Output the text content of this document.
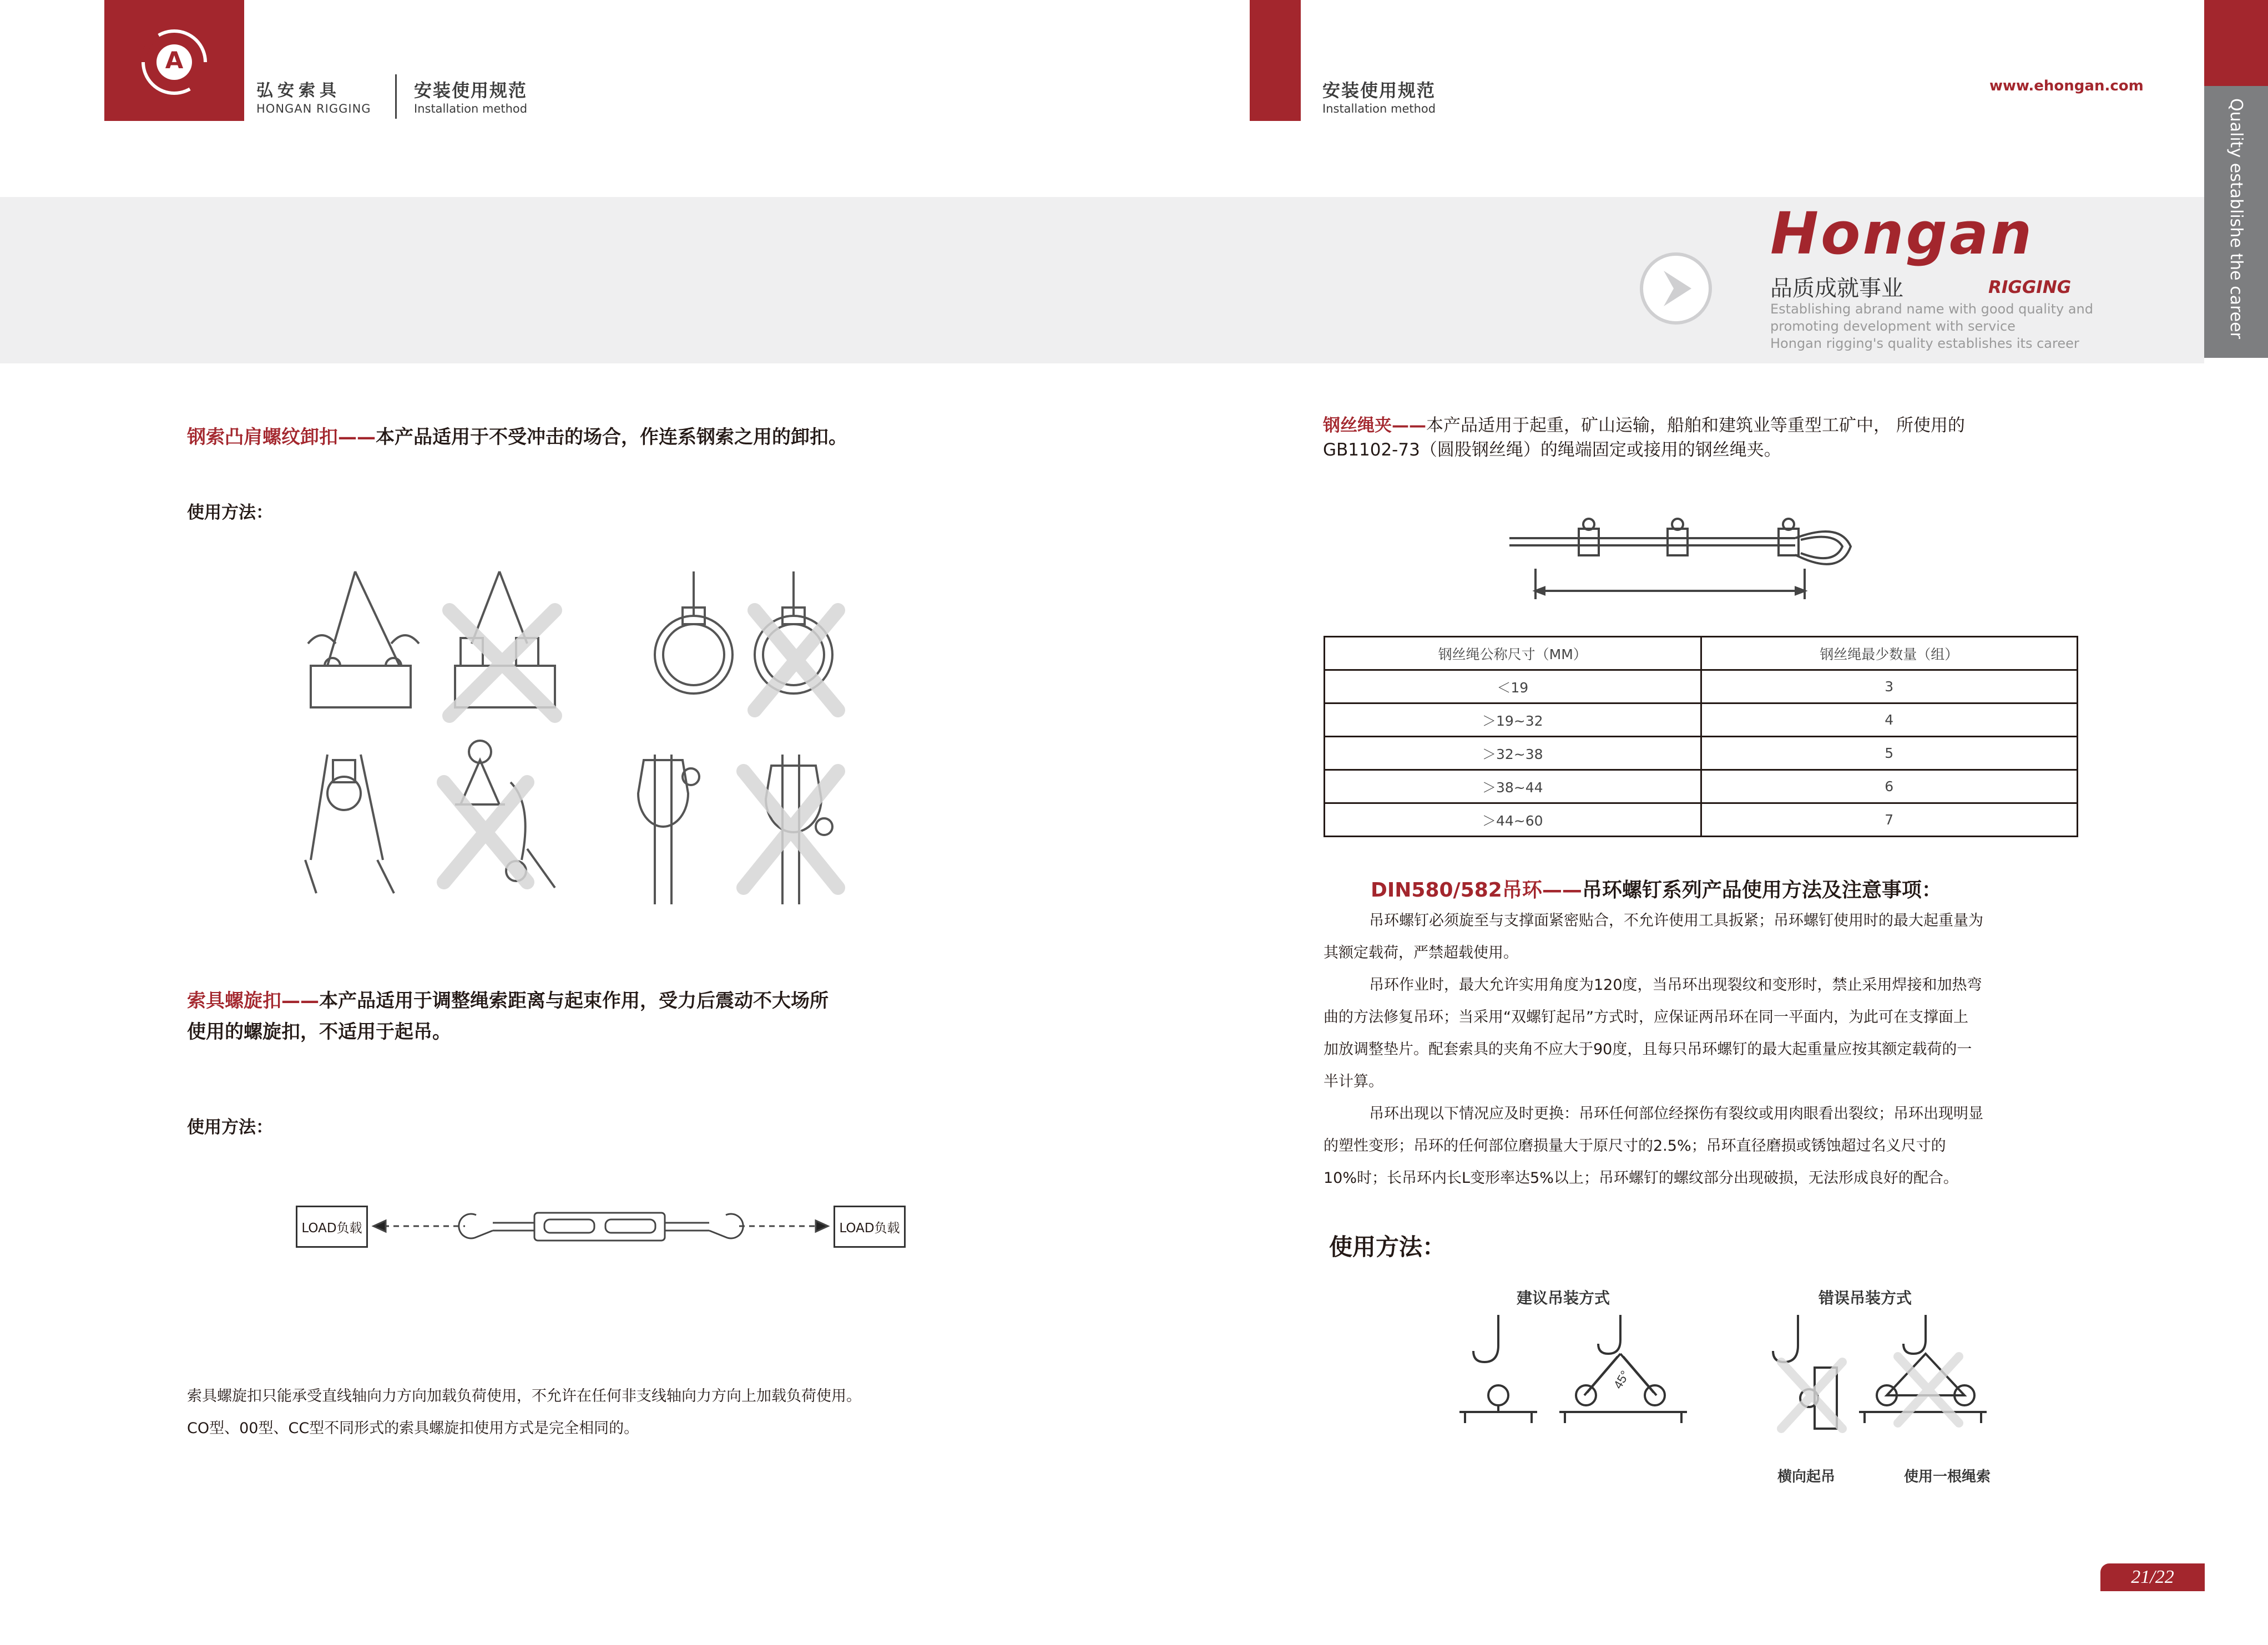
A
弘安索具
HONGAN RIGGING
安装使用规范
Installation method
安装使用规范
Installation method
www.ehongan.com
Quality establishe the career
Hongan
品质成就事业	RIGGING
Establishing abrand name with good quality and
promoting development with service
Hongan rigging's quality establishes its career
钢索凸肩螺纹卸扣——本产品适用于不受冲击的场合，作连系钢索之用的卸扣。
使用方法：
索具螺旋扣——本产品适用于调整绳索距离与起束作用，受力后震动不大场所
使用的螺旋扣，不适用于起吊。
使用方法：
LOAD负载	LOAD负载
索具螺旋扣只能承受直线轴向力方向加载负荷使用，不允许在任何非支线轴向力方向上加载负荷使用。
CO型、00型、CC型不同形式的索具螺旋扣使用方式是完全相同的。
钢丝绳夹——本产品适用于起重，矿山运输，船舶和建筑业等重型工矿中， 所使用的
GB1102-73（圆股钢丝绳）的绳端固定或接用的钢丝绳夹。
钢丝绳公称尺寸（MM）	钢丝绳最少数量（组）
＜19	3
＞19~32	4
＞32~38	5
＞38~44	6
＞44~60	7
DIN580/582吊环——吊环螺钉系列产品使用方法及注意事项：
吊环螺钉必须旋至与支撑面紧密贴合，不允许使用工具扳紧；吊环螺钉使用时的最大起重量为
其额定载荷，严禁超载使用。
吊环作业时，最大允许实用角度为120度，当吊环出现裂纹和变形时，禁止采用焊接和加热弯
曲的方法修复吊环；当采用“双螺钉起吊”方式时，应保证两吊环在同一平面内，为此可在支撑面上
加放调整垫片。配套索具的夹角不应大于90度，且每只吊环螺钉的最大起重量应按其额定载荷的一
半计算。
吊环出现以下情况应及时更换：吊环任何部位经探伤有裂纹或用肉眼看出裂纹；吊环出现明显
的塑性变形；吊环的任何部位磨损量大于原尺寸的2.5%；吊环直径磨损或锈蚀超过名义尺寸的
10%时；长吊环内长L变形率达5%以上；吊环螺钉的螺纹部分出现破损，无法形成良好的配合。
使用方法：
建议吊装方式	错误吊装方式
45°
横向起吊	使用一根绳索
21/22
